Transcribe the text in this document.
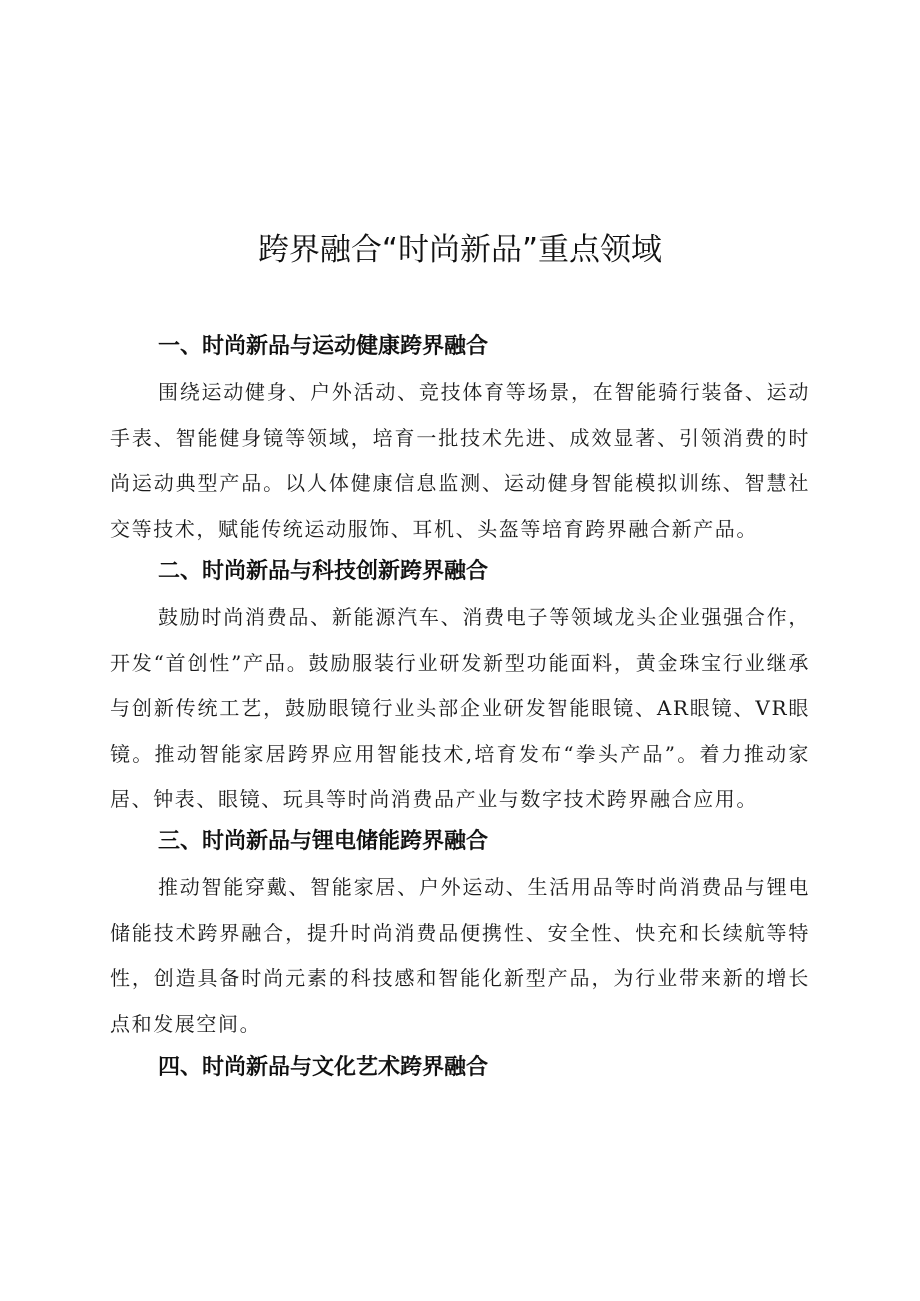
跨界融合“时尚新品”重点领域
一、时尚新品与运动健康跨界融合

围绕运动健身、户外活动、竞技体育等场景，在智能骑行装备、运动手表、智能健身镜等领域，培育一批技术先进、成效显著、引领消费的时尚运动典型产品。以人体健康信息监测、运动健身智能模拟训练、智慧社交等技术，赋能传统运动服饰、耳机、头盔等培育跨界融合新产品。

二、时尚新品与科技创新跨界融合

鼓励时尚消费品、新能源汽车、消费电子等领域龙头企业强强合作，开发“首创性”产品。鼓励服装行业研发新型功能面料，黄金珠宝行业继承与创新传统工艺，鼓励眼镜行业头部企业研发智能眼镜、AR眼镜、VR眼镜。推动智能家居跨界应用智能技术,培育发布“拳头产品”。着力推动家居、钟表、眼镜、玩具等时尚消费品产业与数字技术跨界融合应用。

三、时尚新品与锂电储能跨界融合

推动智能穿戴、智能家居、户外运动、生活用品等时尚消费品与锂电储能技术跨界融合，提升时尚消费品便携性、安全性、快充和长续航等特性，创造具备时尚元素的科技感和智能化新型产品，为行业带来新的增长点和发展空间。

四、时尚新品与文化艺术跨界融合
